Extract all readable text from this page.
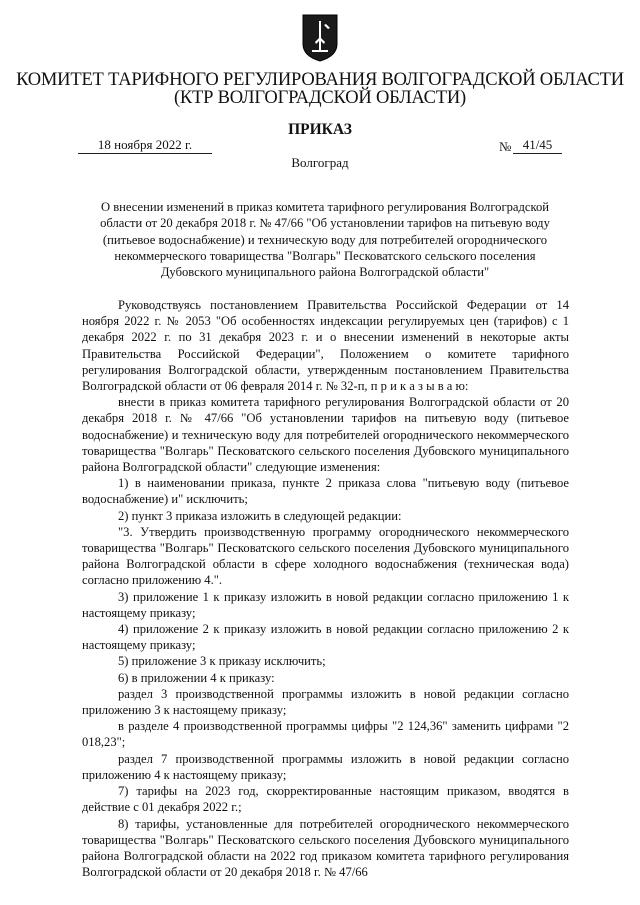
КОМИТЕТ ТАРИФНОГО РЕГУЛИРОВАНИЯ ВОЛГОГРАДСКОЙ ОБЛАСТИ
(КТР ВОЛГОГРАДСКОЙ ОБЛАСТИ)
ПРИКАЗ
18 ноября 2022 г.	№ 41/45
Волгоград
О внесении изменений в приказ комитета тарифного регулирования Волгоградской области от 20 декабря 2018 г. № 47/66 "Об установлении тарифов на питьевую воду (питьевое водоснабжение) и техническую воду для потребителей огороднического некоммерческого товарищества "Волгарь" Песковатского сельского поселения Дубовского муниципального района Волгоградской области"

Руководствуясь постановлением Правительства Российской Федерации от 14 ноября 2022 г. № 2053 "Об особенностях индексации регулируемых цен (тарифов) с 1 декабря 2022 г. по 31 декабря 2023 г. и о внесении изменений в некоторые акты Правительства Российской Федерации", Положением о комитете тарифного регулирования Волгоградской области, утвержденным постановлением Правительства Волгоградской области от 06 февраля 2014 г. № 32-п, п р и к а з ы в а ю:

внести в приказ комитета тарифного регулирования Волгоградской области от 20 декабря 2018 г. № 47/66 "Об установлении тарифов на питьевую воду (питьевое водоснабжение) и техническую воду для потребителей огороднического некоммерческого товарищества "Волгарь" Песковатского сельского поселения Дубовского муниципального района Волгоградской области" следующие изменения:

1) в наименовании приказа, пункте 2 приказа слова "питьевую воду (питьевое водоснабжение) и" исключить;

2) пункт 3 приказа изложить в следующей редакции:

"3. Утвердить производственную программу огороднического некоммерческого товарищества "Волгарь" Песковатского сельского поселения Дубовского муниципального района Волгоградской области в сфере холодного водоснабжения (техническая вода) согласно приложению 4.".

3) приложение 1 к приказу изложить в новой редакции согласно приложению 1 к настоящему приказу;

4) приложение 2 к приказу изложить в новой редакции согласно приложению 2 к настоящему приказу;

5) приложение 3 к приказу исключить;

6) в приложении 4 к приказу:

раздел 3 производственной программы изложить в новой редакции согласно приложению 3 к настоящему приказу;

в разделе 4 производственной программы цифры "2 124,36" заменить цифрами "2 018,23";

раздел 7 производственной программы изложить в новой редакции согласно приложению 4 к настоящему приказу;

7) тарифы на 2023 год, скорректированные настоящим приказом, вводятся в действие с 01 декабря 2022 г.;

8) тарифы, установленные для потребителей огороднического некоммерческого товарищества "Волгарь" Песковатского сельского поселения Дубовского муниципального района Волгоградской области на 2022 год приказом комитета тарифного регулирования Волгоградской области от 20 декабря 2018 г. № 47/66
